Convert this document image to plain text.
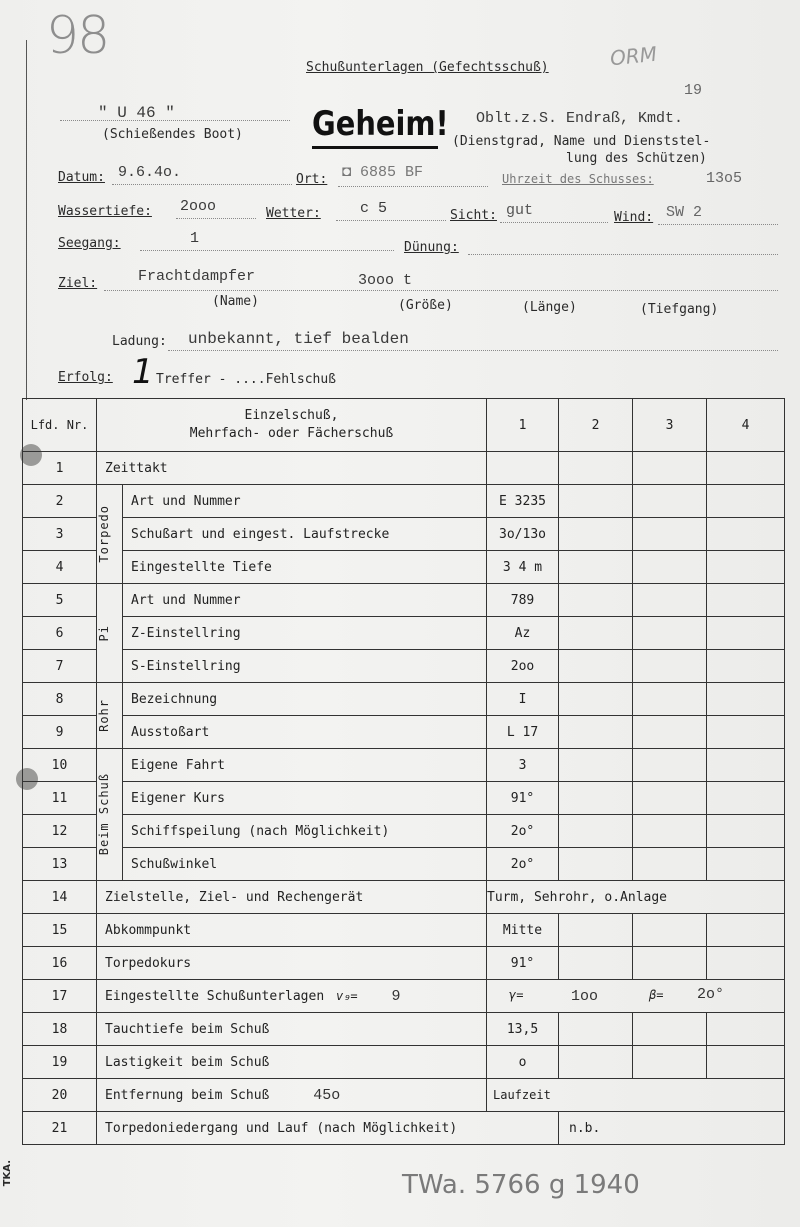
98
Schußunterlagen (Gefechtsschuß)	ORM
19
" U 46 "
(Schießendes Boot) Geheim! Oblt.z.S. Endraß, Kmdt.
(Dienstgrad, Name und Dienststel-
lung des Schützen)
Datum: 9.6.4o.	Ort: ◘ 6885 BF	Uhrzeit des Schusses:	13o5
Wassertiefe: 2ooo	Wetter:	c 5	Sicht: gut	Wind: SW 2
Seegang:	1
Dünung:
Ziel:	Frachtdampfer	3ooo t
(Name)	(Größe)	(Länge)	(Tiefgang)
Ladung: unbekannt, tief bealden
Erfolg: 1 Treffer - ....Fehlschuß
Lfd. Nr.	Einzelschuß,
Mehrfach- oder Fächerschuß		1	2	3	4
1	Zeittakt					
2	Torpedo	Art und Nummer	E 3235			
3		Schußart und eingest. Laufstrecke	3o/13o			
4		Eingestellte Tiefe	3 4 m			
5	Pi	Art und Nummer	789			
6		Z-Einstellring	Az			
7		S-Einstellring	2oo			
8	Rohr	Bezeichnung	I			
9		Ausstoßart	L 17			
10	Beim Schuß	Eigene Fahrt	3			
11		Eigener Kurs	91°			
12		Schiffspeilung (nach Möglichkeit)	2o°			
13		Schußwinkel	2o°			
14	Zielstelle, Ziel- und Rechengerät		Turm, Sehrohr, o.Anlage			
15	Abkommpunkt		Mitte			
16	Torpedokurs		91°			
17	Eingestellte Schußunterlagen v₉= 9		γ= 1oo β= 2o°			

18	Tauchtiefe beim Schuß		13,5			
19	Lastigkeit beim Schuß		o			
20	Entfernung beim Schuß 45o		Laufzeit			
21	Torpedoniedergang und Lauf (nach Möglichkeit)			n.b.		
TWa. 5766 g 1940
TKA.
